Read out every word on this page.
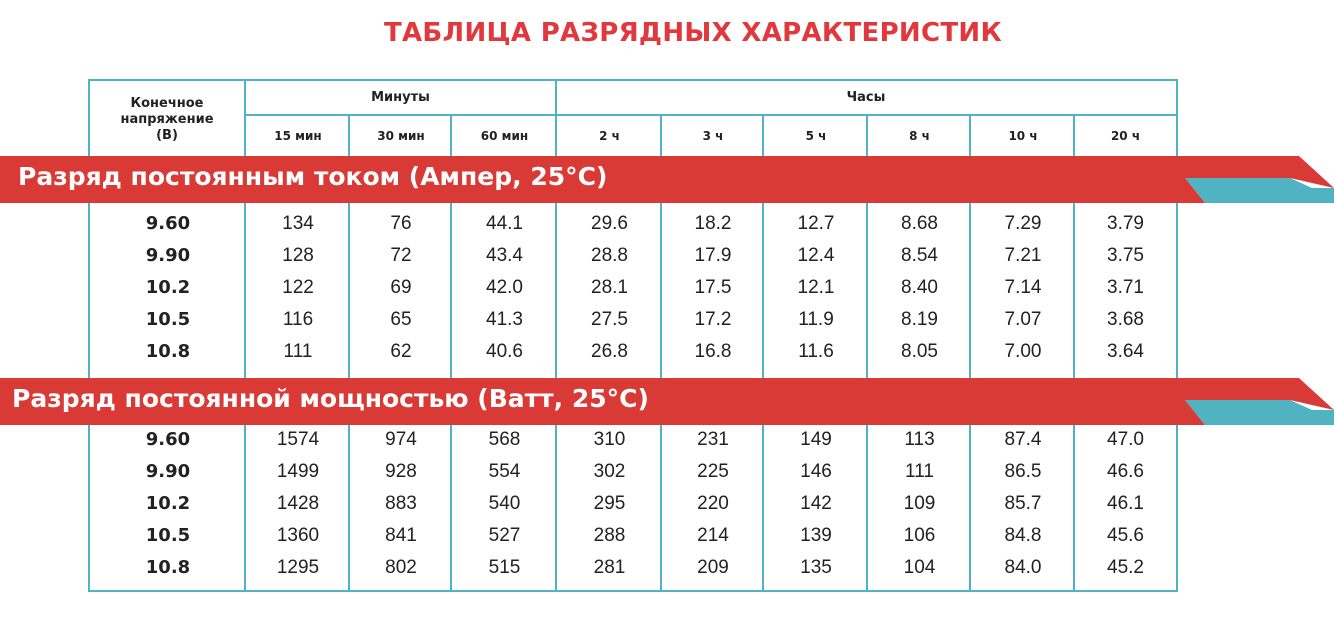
ТАБЛИЦА РАЗРЯДНЫХ ХАРАКТЕРИСТИК
Конечное
напряжение
(В)
Минуты	Часы
15 мин	30 мин	60 мин	2 ч	3 ч	5 ч	8 ч	10 ч	20 ч
Разряд постоянным током (Ампер, 25°C)
Разряд постоянной мощностью (Ватт, 25°C)
9.60	134	76	44.1	29.6	18.2	12.7	8.68	7.29	3.79
9.90	128	72	43.4	28.8	17.9	12.4	8.54	7.21	3.75
10.2	122	69	42.0	28.1	17.5	12.1	8.40	7.14	3.71
10.5	116	65	41.3	27.5	17.2	11.9	8.19	7.07	3.68
10.8	111	62	40.6	26.8	16.8	11.6	8.05	7.00	3.64
9.60	1574	974	568	310	231	149	113	87.4	47.0
9.90	1499	928	554	302	225	146	111	86.5	46.6
10.2	1428	883	540	295	220	142	109	85.7	46.1
10.5	1360	841	527	288	214	139	106	84.8	45.6
10.8	1295	802	515	281	209	135	104	84.0	45.2
